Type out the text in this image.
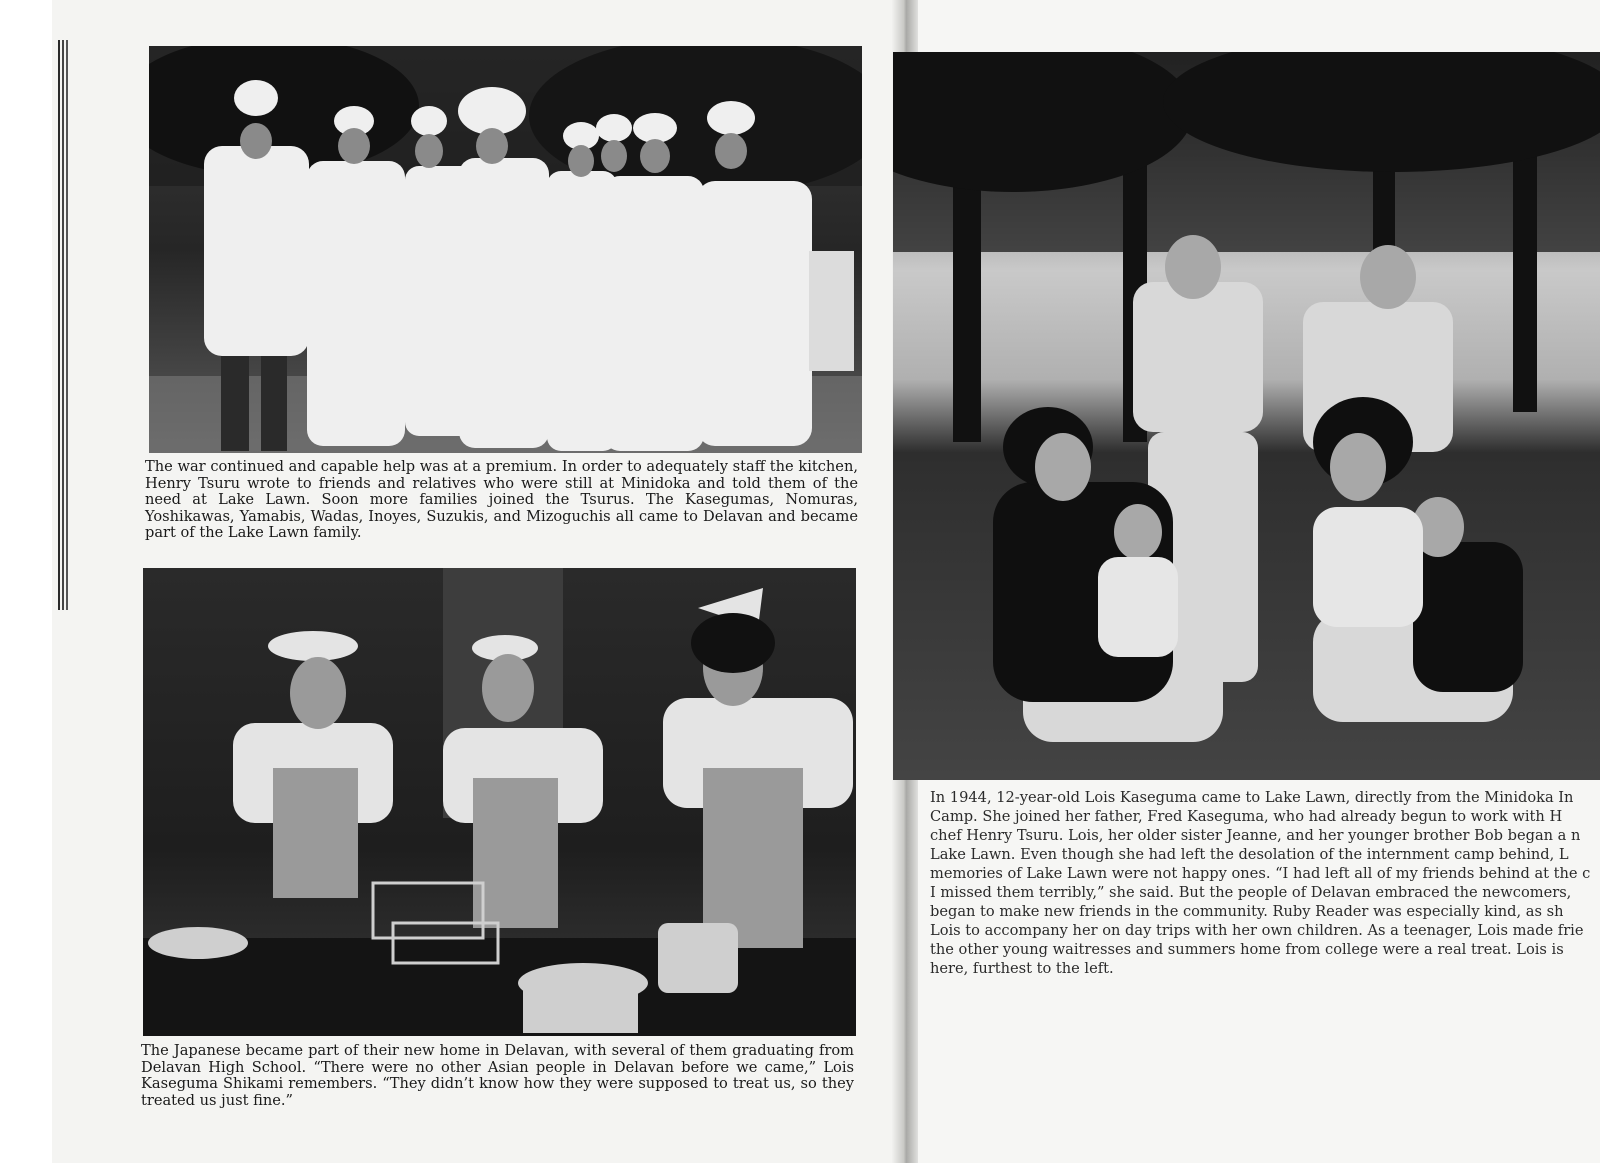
The war continued and capable help was at a premium. In order to adequately staff the kitchen, Henry Tsuru wrote to friends and relatives who were still at Minidoka and told them of the need at Lake Lawn. Soon more families joined the Tsurus. The Kasegumas, Nomuras, Yoshikawas, Yamabis, Wadas, Inoyes, Suzukis, and Mizoguchis all came to Delavan and became part of the Lake Lawn family.
The Japanese became part of their new home in Delavan, with several of them graduating from Delavan High School. “There were no other Asian people in Delavan before we came,” Lois Kaseguma Shikami remembers. “They didn’t know how they were supposed to treat us, so they treated us just fine.”
In 1944, 12-year-old Lois Kaseguma came to Lake Lawn, directly from the Minidoka In
Camp. She joined her father, Fred Kaseguma, who had already begun to work with H
chef Henry Tsuru. Lois, her older sister Jeanne, and her younger brother Bob began a n
Lake Lawn. Even though she had left the desolation of the internment camp behind, L
memories of Lake Lawn were not happy ones. “I had left all of my friends behind at the c
I missed them terribly,” she said. But the people of Delavan embraced the newcomers,
began to make new friends in the community. Ruby Reader was especially kind, as sh
Lois to accompany her on day trips with her own children. As a teenager, Lois made frie
the other young waitresses and summers home from college were a real treat. Lois is
here, furthest to the left.
